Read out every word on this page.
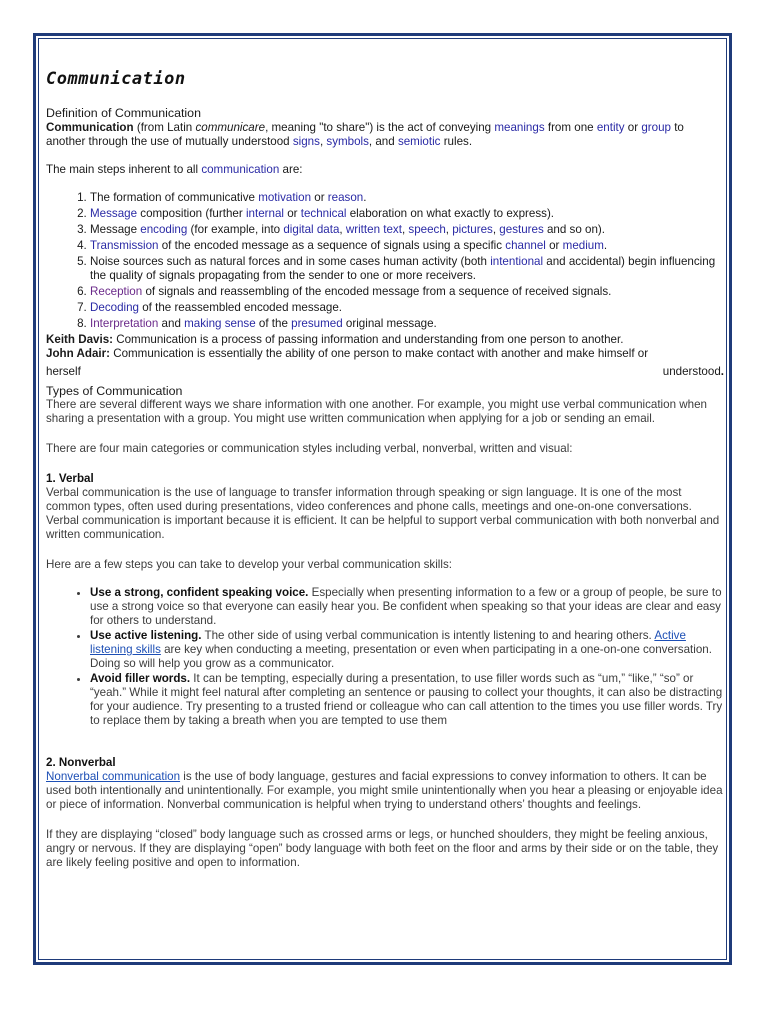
Communication
Definition of Communication

Communication (from Latin communicare, meaning "to share") is the act of conveying meanings from one entity or group to another through the use of mutually understood signs, symbols, and semiotic rules.

The main steps inherent to all communication are:

1. The formation of communicative motivation or reason.
2. Message composition (further internal or technical elaboration on what exactly to express).
3. Message encoding (for example, into digital data, written text, speech, pictures, gestures and so on).
4. Transmission of the encoded message as a sequence of signals using a specific channel or medium.
5. Noise sources such as natural forces and in some cases human activity (both intentional and accidental) begin influencing the quality of signals propagating from the sender to one or more receivers.
6. Reception of signals and reassembling of the encoded message from a sequence of received signals.
7. Decoding of the reassembled encoded message.
8. Interpretation and making sense of the presumed original message.

Keith Davis: Communication is a process of passing information and understanding from one person to another.

John Adair: Communication is essentially the ability of one person to make contact with another and make himself or

herself	understood.
Types of Communication

There are several different ways we share information with one another. For example, you might use verbal communication when sharing a presentation with a group. You might use written communication when applying for a job or sending an email.

There are four main categories or communication styles including verbal, nonverbal, written and visual:

1. Verbal

Verbal communication is the use of language to transfer information through speaking or sign language. It is one of the most common types, often used during presentations, video conferences and phone calls, meetings and one-on-one conversations. Verbal communication is important because it is efficient. It can be helpful to support verbal communication with both nonverbal and written communication.

Here are a few steps you can take to develop your verbal communication skills:

• Use a strong, confident speaking voice. Especially when presenting information to a few or a group of people, be sure to use a strong voice so that everyone can easily hear you. Be confident when speaking so that your ideas are clear and easy for others to understand.
• Use active listening. The other side of using verbal communication is intently listening to and hearing others. Active listening skills are key when conducting a meeting, presentation or even when participating in a one-on-one conversation. Doing so will help you grow as a communicator.
• Avoid filler words. It can be tempting, especially during a presentation, to use filler words such as “um,” “like,” “so” or “yeah.” While it might feel natural after completing an sentence or pausing to collect your thoughts, it can also be distracting for your audience. Try presenting to a trusted friend or colleague who can call attention to the times you use filler words. Try to replace them by taking a breath when you are tempted to use them

2. Nonverbal

Nonverbal communication is the use of body language, gestures and facial expressions to convey information to others. It can be used both intentionally and unintentionally. For example, you might smile unintentionally when you hear a pleasing or enjoyable idea or piece of information. Nonverbal communication is helpful when trying to understand others’ thoughts and feelings.

If they are displaying “closed” body language such as crossed arms or legs, or hunched shoulders, they might be feeling anxious, angry or nervous. If they are displaying “open” body language with both feet on the floor and arms by their side or on the table, they are likely feeling positive and open to information.
